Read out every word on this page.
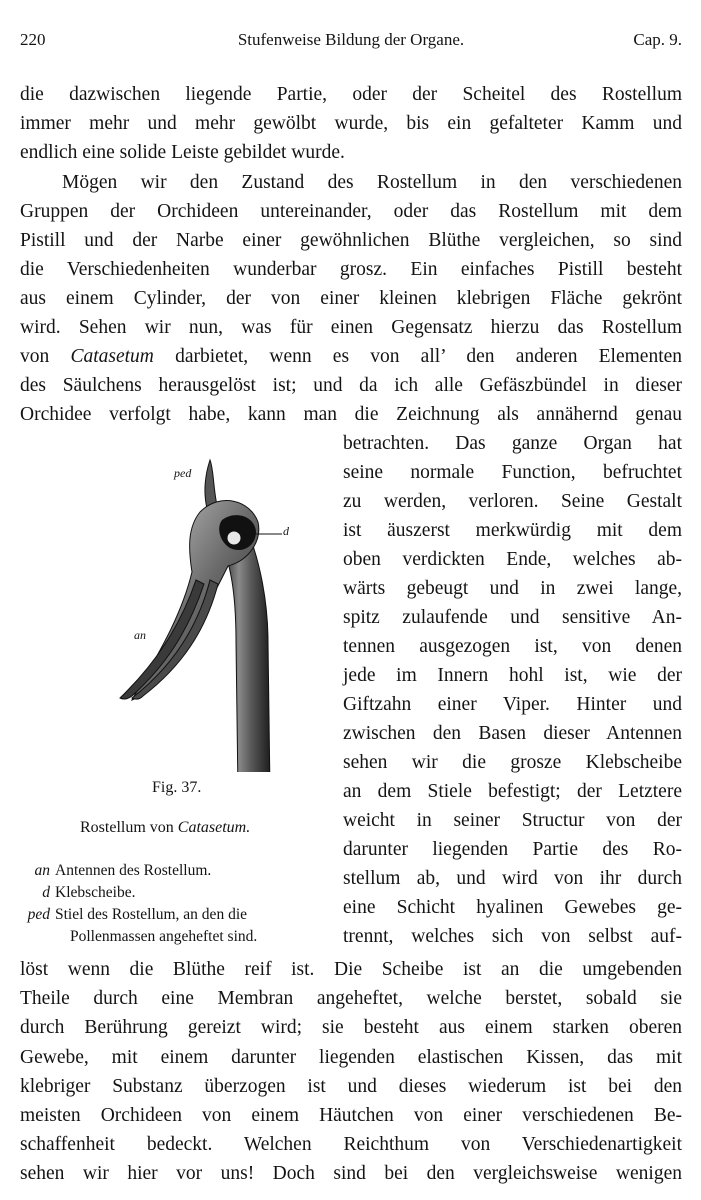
220	Stufenweise Bildung der Organe.	Cap. 9.
die dazwischen liegende Partie, oder der Scheitel des Rostellum
immer mehr und mehr gewölbt wurde, bis ein gefalteter Kamm und
endlich eine solide Leiste gebildet wurde.
Mögen wir den Zustand des Rostellum in den verschiedenen
Gruppen der Orchideen untereinander, oder das Rostellum mit dem
Pistill und der Narbe einer gewöhnlichen Blüthe vergleichen, so sind
die Verschiedenheiten wunderbar grosz. Ein einfaches Pistill besteht
aus einem Cylinder, der von einer kleinen klebrigen Fläche gekrönt
wird. Sehen wir nun, was für einen Gegensatz hierzu das Rostellum
von Catasetum darbietet, wenn es von all’ den anderen Elementen
des Säulchens herausgelöst ist; und da ich alle Gefäszbündel in dieser
Orchidee verfolgt habe, kann man die Zeichnung als annähernd genau
betrachten. Das ganze Organ hat
seine normale Function, befruchtet
zu werden, verloren. Seine Gestalt
ist äuszerst merkwürdig mit dem
oben verdickten Ende, welches ab-
wärts gebeugt und in zwei lange,
spitz zulaufende und sensitive An-
tennen ausgezogen ist, von denen
jede im Innern hohl ist, wie der
Giftzahn einer Viper. Hinter und
zwischen den Basen dieser Antennen
sehen wir die grosze Klebscheibe
an dem Stiele befestigt; der Letztere
weicht in seiner Structur von der
darunter liegenden Partie des Ro-
stellum ab, und wird von ihr durch
eine Schicht hyalinen Gewebes ge-
trennt, welches sich von selbst auf-
ped
d
an
Fig. 37.
Rostellum von Catasetum.
an Antennen des Rostellum.
d Klebscheibe.
ped Stiel des Rostellum, an den die
Pollenmassen angeheftet sind.
löst wenn die Blüthe reif ist. Die Scheibe ist an die umgebenden
Theile durch eine Membran angeheftet, welche berstet, sobald sie
durch Berührung gereizt wird; sie besteht aus einem starken oberen
Gewebe, mit einem darunter liegenden elastischen Kissen, das mit
klebriger Substanz überzogen ist und dieses wiederum ist bei den
meisten Orchideen von einem Häutchen von einer verschiedenen Be-
schaffenheit bedeckt. Welchen Reichthum von Verschiedenartigkeit
sehen wir hier vor uns! Doch sind bei den vergleichsweise wenigen
